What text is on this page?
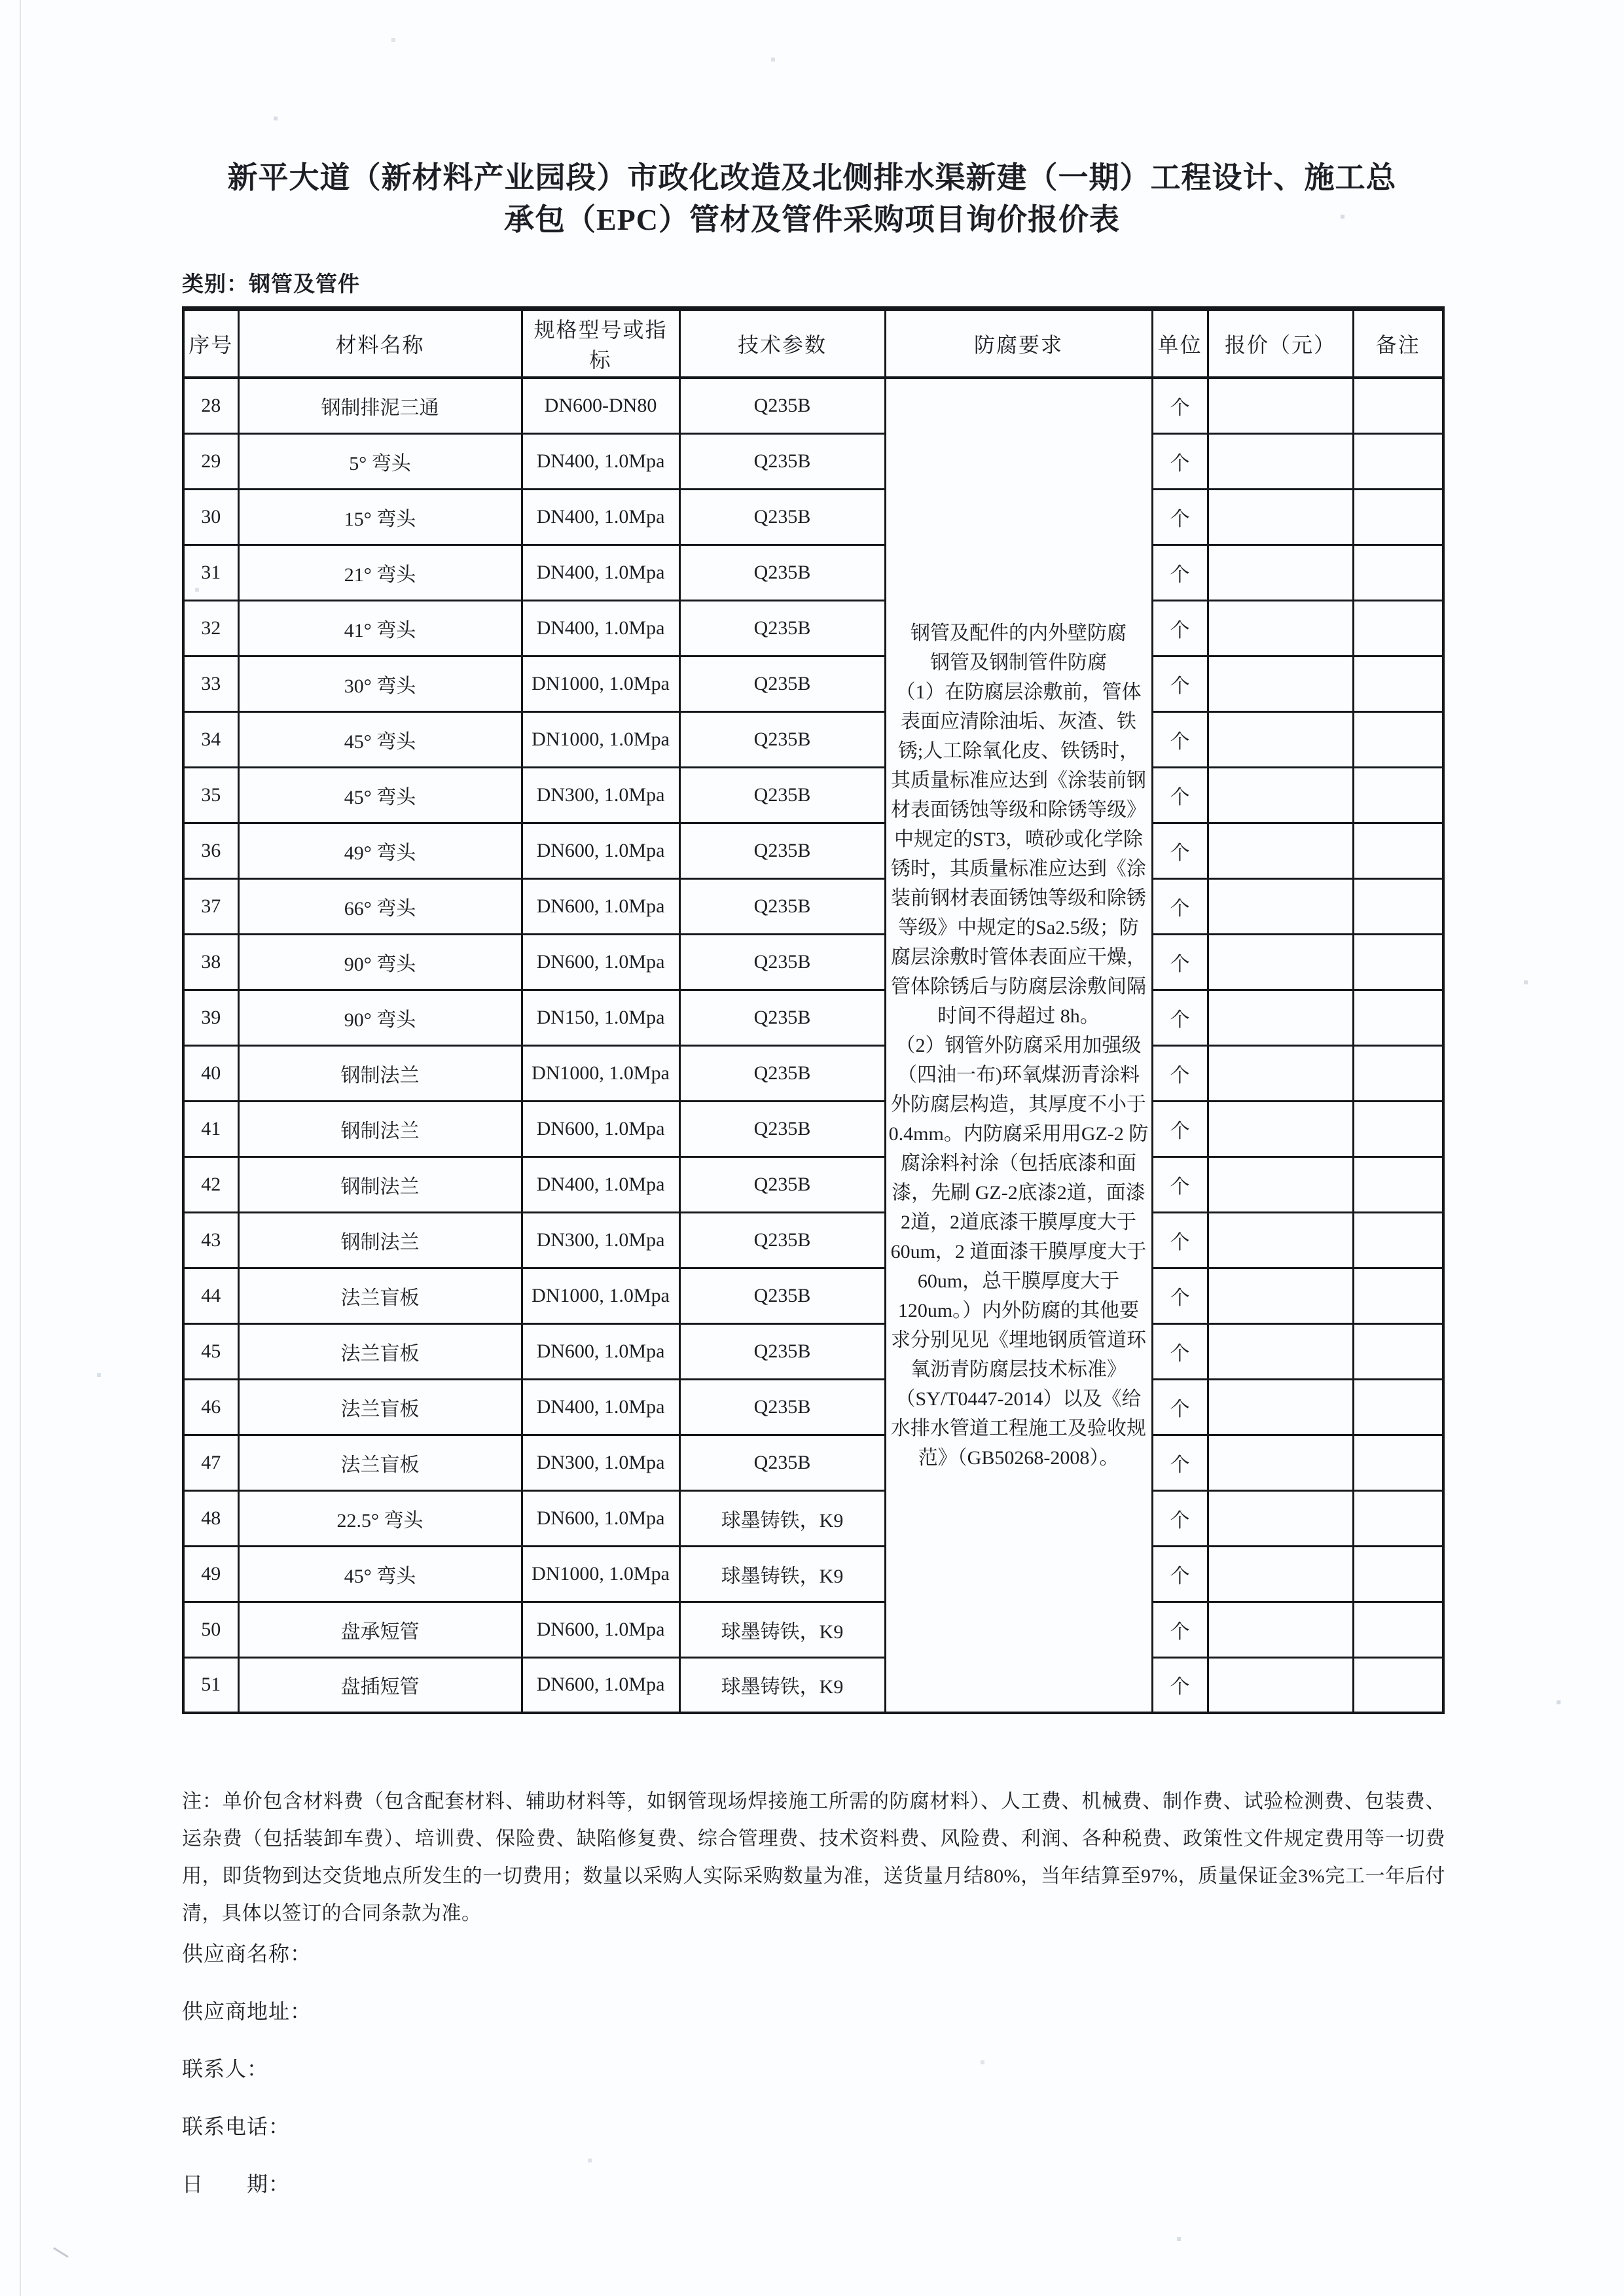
新平大道（新材料产业园段）市政化改造及北侧排水渠新建（一期）工程设计、施工总承包（EPC）管材及管件采购项目询价报价表
类别：钢管及管件
序号	材料名称	规格型号或指标	技术参数	防腐要求	单位	报价（元）	备注
28	钢制排泥三通	DN600-DN80	Q235B	钢管及配件的内外壁防腐
钢管及钢制管件防腐
（1）在防腐层涂敷前，管体表面应清除油垢、灰渣、铁锈;人工除氧化皮、铁锈时，其质量标准应达到《涂装前钢材表面锈蚀等级和除锈等级》中规定的ST3，喷砂或化学除锈时，其质量标准应达到《涂装前钢材表面锈蚀等级和除锈等级》中规定的Sa2.5级；防腐层涂敷时管体表面应干燥，管体除锈后与防腐层涂敷间隔时间不得超过 8h。
（2）钢管外防腐采用加强级（四油一布)环氧煤沥青涂料外防腐层构造，其厚度不小于0.4mm。内防腐采用用GZ-2 防腐涂料衬涂（包括底漆和面漆，先刷 GZ-2底漆2道，面漆2道，2道底漆干膜厚度大于 60um，2 道面漆干膜厚度大于 60um，总干膜厚度大于120um。）内外防腐的其他要求分别见见《埋地钢质管道环氧沥青防腐层技术标准》（SY/T0447-2014）以及《给水排水管道工程施工及验收规范》（GB50268-2008）。	个		
29	5° 弯头	DN400, 1.0Mpa	Q235B		个		
30	15° 弯头	DN400, 1.0Mpa	Q235B		个		
31	21° 弯头	DN400, 1.0Mpa	Q235B		个		
32	41° 弯头	DN400, 1.0Mpa	Q235B		个		
33	30° 弯头	DN1000, 1.0Mpa	Q235B		个		
34	45° 弯头	DN1000, 1.0Mpa	Q235B		个		
35	45° 弯头	DN300, 1.0Mpa	Q235B		个		
36	49° 弯头	DN600, 1.0Mpa	Q235B		个		
37	66° 弯头	DN600, 1.0Mpa	Q235B		个		
38	90° 弯头	DN600, 1.0Mpa	Q235B		个		
39	90° 弯头	DN150, 1.0Mpa	Q235B		个		
40	钢制法兰	DN1000, 1.0Mpa	Q235B		个		
41	钢制法兰	DN600, 1.0Mpa	Q235B		个		
42	钢制法兰	DN400, 1.0Mpa	Q235B		个		
43	钢制法兰	DN300, 1.0Mpa	Q235B		个		
44	法兰盲板	DN1000, 1.0Mpa	Q235B		个		
45	法兰盲板	DN600, 1.0Mpa	Q235B		个		
46	法兰盲板	DN400, 1.0Mpa	Q235B		个		
47	法兰盲板	DN300, 1.0Mpa	Q235B		个		
48	22.5° 弯头	DN600, 1.0Mpa	球墨铸铁，K9		个		
49	45° 弯头	DN1000, 1.0Mpa	球墨铸铁，K9		个		
50	盘承短管	DN600, 1.0Mpa	球墨铸铁，K9		个		
51	盘插短管	DN600, 1.0Mpa	球墨铸铁，K9		个		
注：单价包含材料费（包含配套材料、辅助材料等，如钢管现场焊接施工所需的防腐材料）、人工费、机械费、制作费、试验检测费、包装费、运杂费（包括装卸车费）、培训费、保险费、缺陷修复费、综合管理费、技术资料费、风险费、利润、各种税费、政策性文件规定费用等一切费用，即货物到达交货地点所发生的一切费用；数量以采购人实际采购数量为准，送货量月结80%，当年结算至97%，质量保证金3%完工一年后付清，具体以签订的合同条款为准。
供应商名称：
供应商地址：
联系人：
联系电话：
日　　期：
